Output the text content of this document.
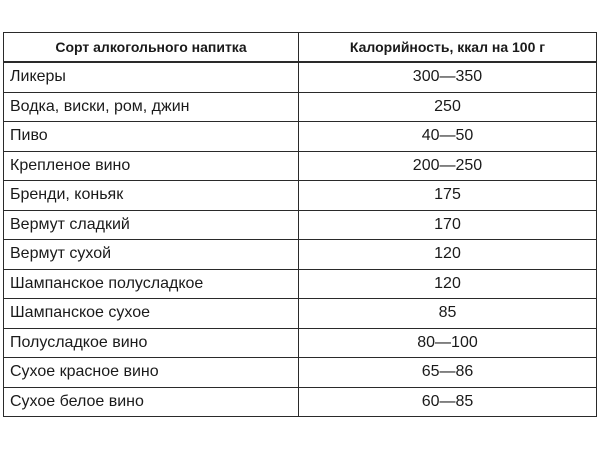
Сорт алкогольного напитка	Калорийность, ккал на 100 г
Ликеры	300—350
Водка, виски, ром, джин	250
Пиво	40—50
Крепленое вино	200—250
Бренди, коньяк	175
Вермут сладкий	170
Вермут сухой	120
Шампанское полусладкое	120
Шампанское сухое	85
Полусладкое вино	80—100
Сухое красное вино	65—86
Сухое белое вино	60—85
